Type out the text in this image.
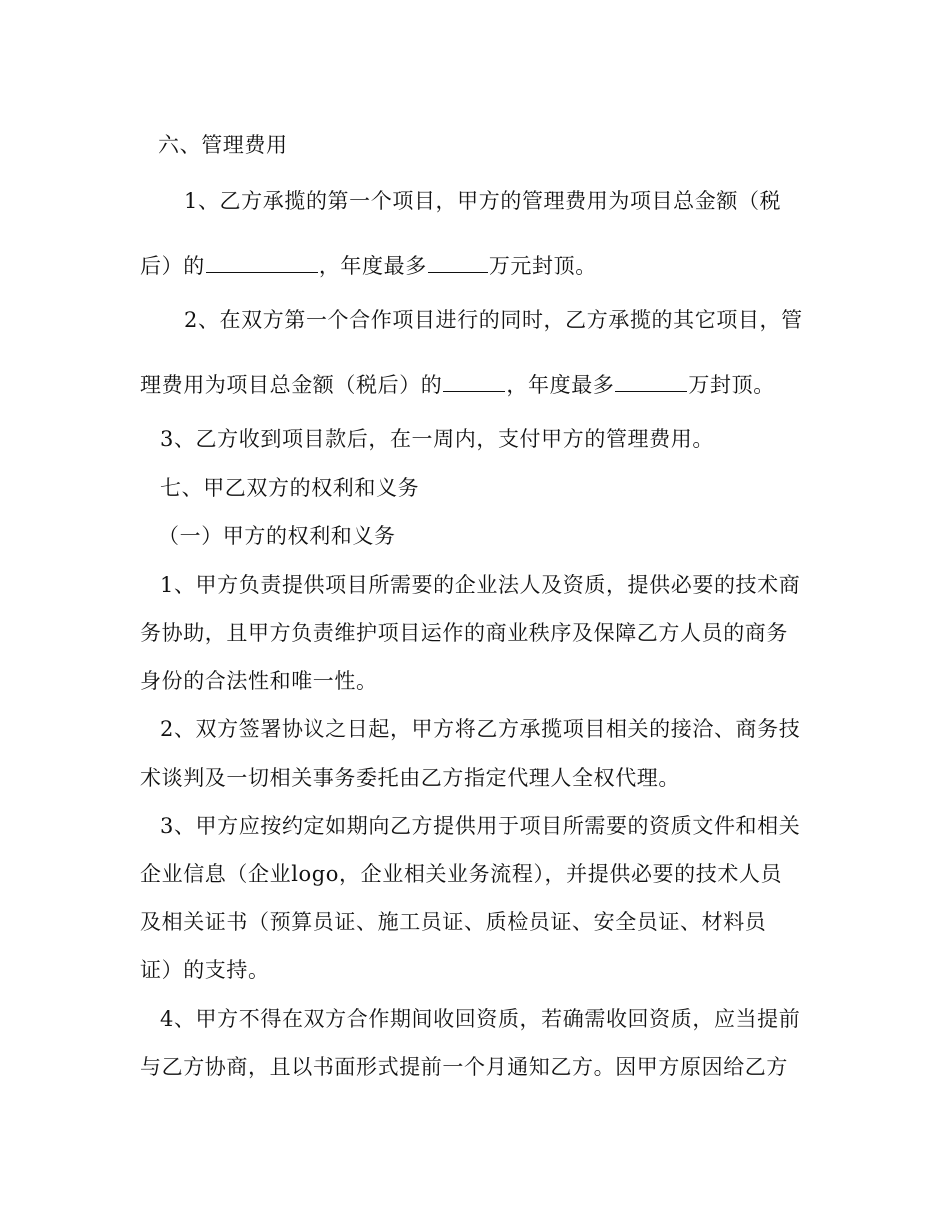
六、管理费用
1、乙方承揽的第一个项目，甲方的管理费用为项目总金额（税
后）的	，年度最多	万元封顶。
2、在双方第一个合作项目进行的同时，乙方承揽的其它项目，管
理费用为项目总金额（税后）的	，年度最多	万封顶。
3、乙方收到项目款后，在一周内，支付甲方的管理费用。
七、甲乙双方的权利和义务
（一）甲方的权利和义务
1、甲方负责提供项目所需要的企业法人及资质，提供必要的技术商
务协助，且甲方负责维护项目运作的商业秩序及保障乙方人员的商务
身份的合法性和唯一性。
2、双方签署协议之日起，甲方将乙方承揽项目相关的接洽、商务技
术谈判及一切相关事务委托由乙方指定代理人全权代理。
3、甲方应按约定如期向乙方提供用于项目所需要的资质文件和相关
企业信息（企业logo，企业相关业务流程），并提供必要的技术人员
及相关证书（预算员证、施工员证、质检员证、安全员证、材料员
证）的支持。
4、甲方不得在双方合作期间收回资质，若确需收回资质，应当提前
与乙方协商，且以书面形式提前一个月通知乙方。因甲方原因给乙方
